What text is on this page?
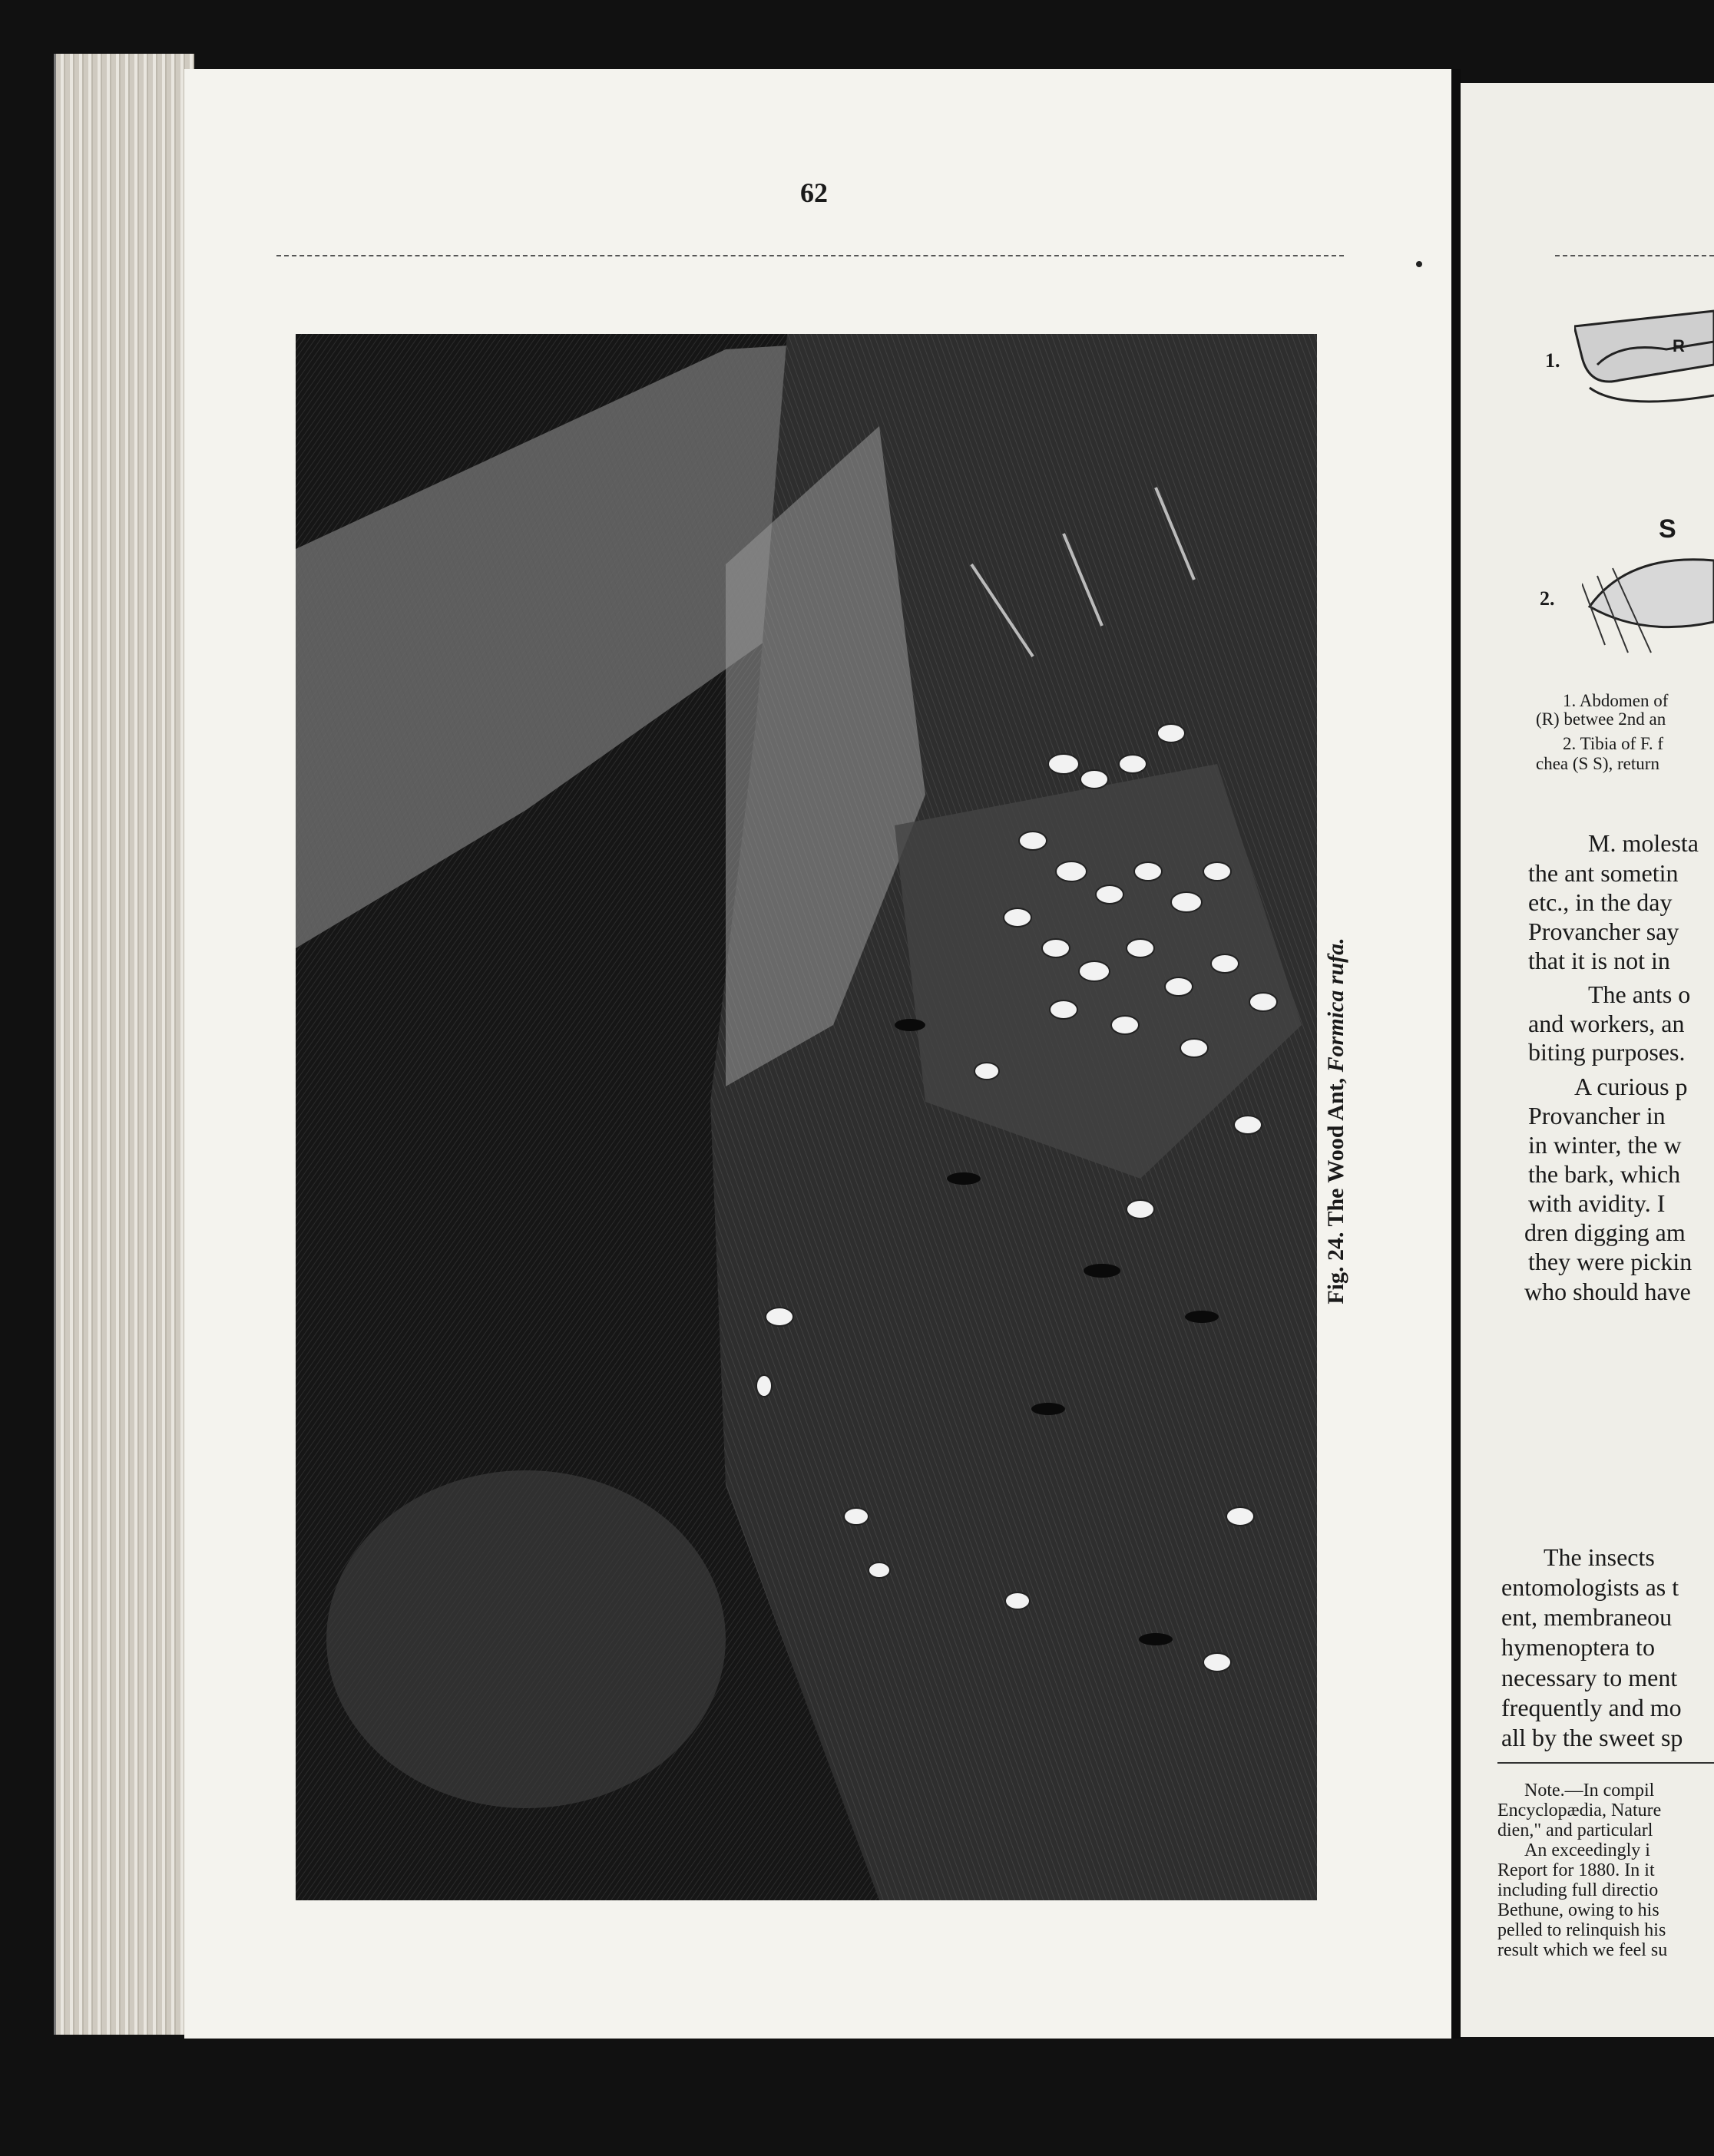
62
Fig. 24. The Wood Ant, Formica rufa.
1.
2.
R
S
1. Abdomen of
(R) betwee 2nd an
2. Tibia of F. f
chea (S S), return
M. molesta
the ant sometin
etc., in the day
Provancher say
that it is not in
The ants o
and workers, an
biting purposes.
A curious p
Provancher in
in winter, the w
the bark, which
with avidity. I
dren digging am
they were pickin
who should have
The insects
entomologists as t
ent, membraneou
hymenoptera to
necessary to ment
frequently and mo
all by the sweet sp
Note.—In compil
Encyclopædia, Nature
dien," and particularl
An exceedingly i
Report for 1880. In it
including full directio
Bethune, owing to his
pelled to relinquish his
result which we feel su
